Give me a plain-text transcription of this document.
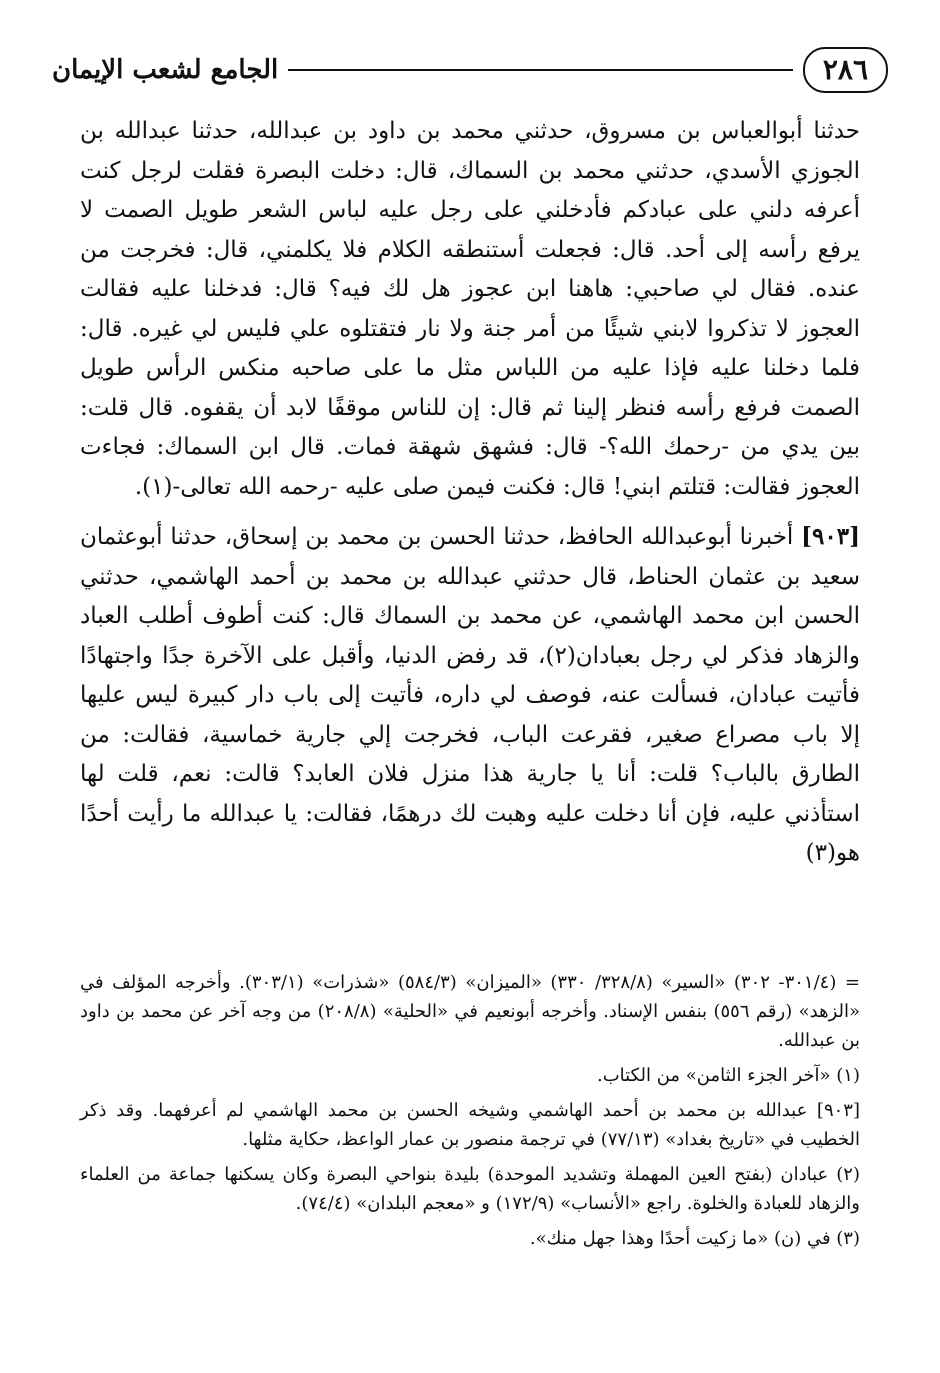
٢٨٦
الجامع لشعب الإيمان

حدثنا أبوالعباس بن مسروق، حدثني محمد بن داود بن عبدالله، حدثنا عبدالله بن الجوزي الأسدي، حدثني محمد بن السماك، قال: دخلت البصرة فقلت لرجل كنت أعرفه دلني على عبادكم فأدخلني على رجل عليه لباس الشعر طويل الصمت لا يرفع رأسه إلى أحد. قال: فجعلت أستنطقه الكلام فلا يكلمني، قال: فخرجت من عنده. فقال لي صاحبي: هاهنا ابن عجوز هل لك فيه؟ قال: فدخلنا عليه فقالت العجوز لا تذكروا لابني شيئًا من أمر جنة ولا نار فتقتلوه علي فليس لي غيره. قال: فلما دخلنا عليه فإذا عليه من اللباس مثل ما على صاحبه منكس الرأس طويل الصمت فرفع رأسه فنظر إلينا ثم قال: إن للناس موقفًا لابد أن يقفوه. قال قلت: بين يدي من -رحمك الله؟- قال: فشهق شهقة فمات. قال ابن السماك: فجاءت العجوز فقالت: قتلتم ابني! قال: فكنت فيمن صلى عليه -رحمه الله تعالى-(١).

[٩٠٣] أخبرنا أبوعبدالله الحافظ، حدثنا الحسن بن محمد بن إسحاق، حدثنا أبوعثمان سعيد بن عثمان الحناط، قال حدثني عبدالله بن محمد بن أحمد الهاشمي، حدثني الحسن ابن محمد الهاشمي، عن محمد بن السماك قال: كنت أطوف أطلب العباد والزهاد فذكر لي رجل بعبادان(٢)، قد رفض الدنيا، وأقبل على الآخرة جدًا واجتهادًا فأتيت عبادان، فسألت عنه، فوصف لي داره، فأتيت إلى باب دار كبيرة ليس عليها إلا باب مصراع صغير، فقرعت الباب، فخرجت إلي جارية خماسية، فقالت: من الطارق بالباب؟ قلت: أنا يا جارية هذا منزل فلان العابد؟ قالت: نعم، قلت لها استأذني عليه، فإن أنا دخلت عليه وهبت لك درهمًا، فقالت: يا عبدالله ما رأيت أحدًا هو(٣)

= (٣٠١/٤- ٣٠٢) «السير» (٣٢٨/٨/ ٣٣٠) «الميزان» (٥٨٤/٣) «شذرات» (٣٠٣/١). وأخرجه المؤلف في «الزهد» (رقم ٥٥٦) بنفس الإسناد. وأخرجه أبونعيم في «الحلية» (٢٠٨/٨) من وجه آخر عن محمد بن داود بن عبدالله.

(١) «آخر الجزء الثامن» من الكتاب.

[٩٠٣] عبدالله بن محمد بن أحمد الهاشمي وشيخه الحسن بن محمد الهاشمي لم أعرفهما. وقد ذكر الخطيب في «تاريخ بغداد» (٧٧/١٣) في ترجمة منصور بن عمار الواعظ، حكاية مثلها.

(٢) عبادان (بفتح العين المهملة وتشديد الموحدة) بليدة بنواحي البصرة وكان يسكنها جماعة من العلماء والزهاد للعبادة والخلوة. راجع «الأنساب» (١٧٢/٩) و «معجم البلدان» (٧٤/٤).

(٣) في (ن) «ما زكيت أحدًا وهذا جهل منك».
